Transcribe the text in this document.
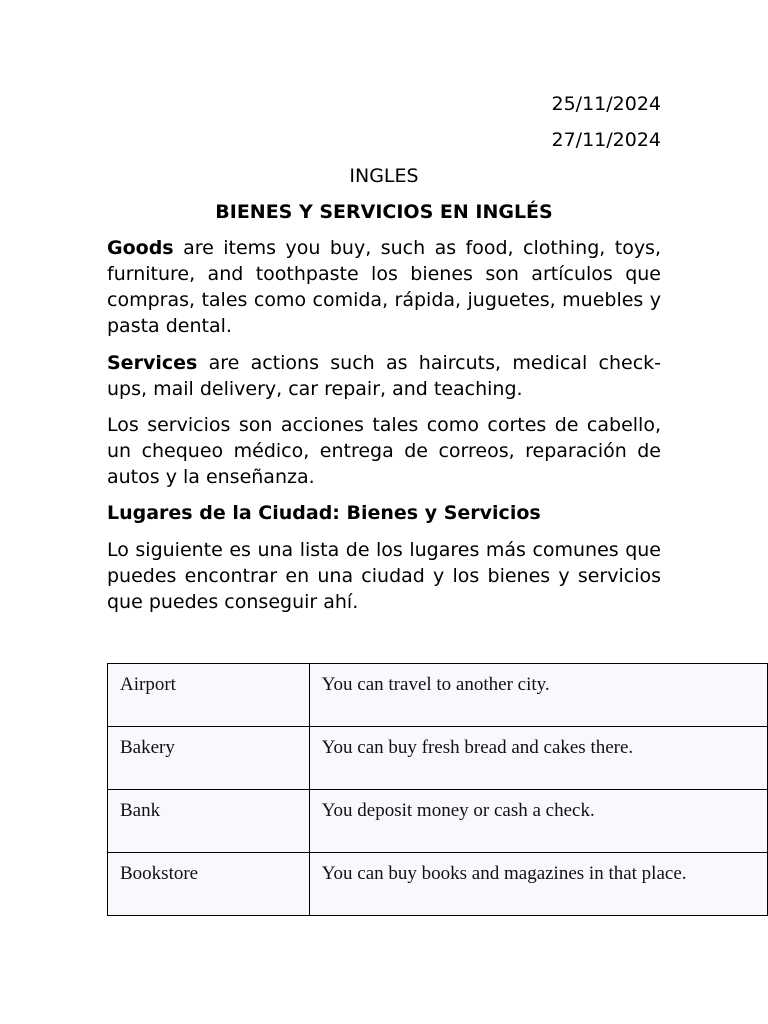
25/11/2024
27/11/2024
INGLES
BIENES Y SERVICIOS EN INGLÉS

Goods are items you buy, such as food, clothing, toys, furniture, and toothpaste los bienes son artículos que compras, tales como comida, rápida, juguetes, muebles y pasta dental.

Services are actions such as haircuts, medical check-ups, mail delivery, car repair, and teaching.

Los servicios son acciones tales como cortes de cabello, un chequeo médico, entrega de correos, reparación de autos y la enseñanza.

Lugares de la Ciudad: Bienes y Servicios

Lo siguiente es una lista de los lugares más comunes que puedes encontrar en una ciudad y los bienes y servicios que puedes conseguir ahí.

Airport	You can travel to another city.
Bakery	You can buy fresh bread and cakes there.
Bank	You deposit money or cash a check.
Bookstore	You can buy books and magazines in that place.
